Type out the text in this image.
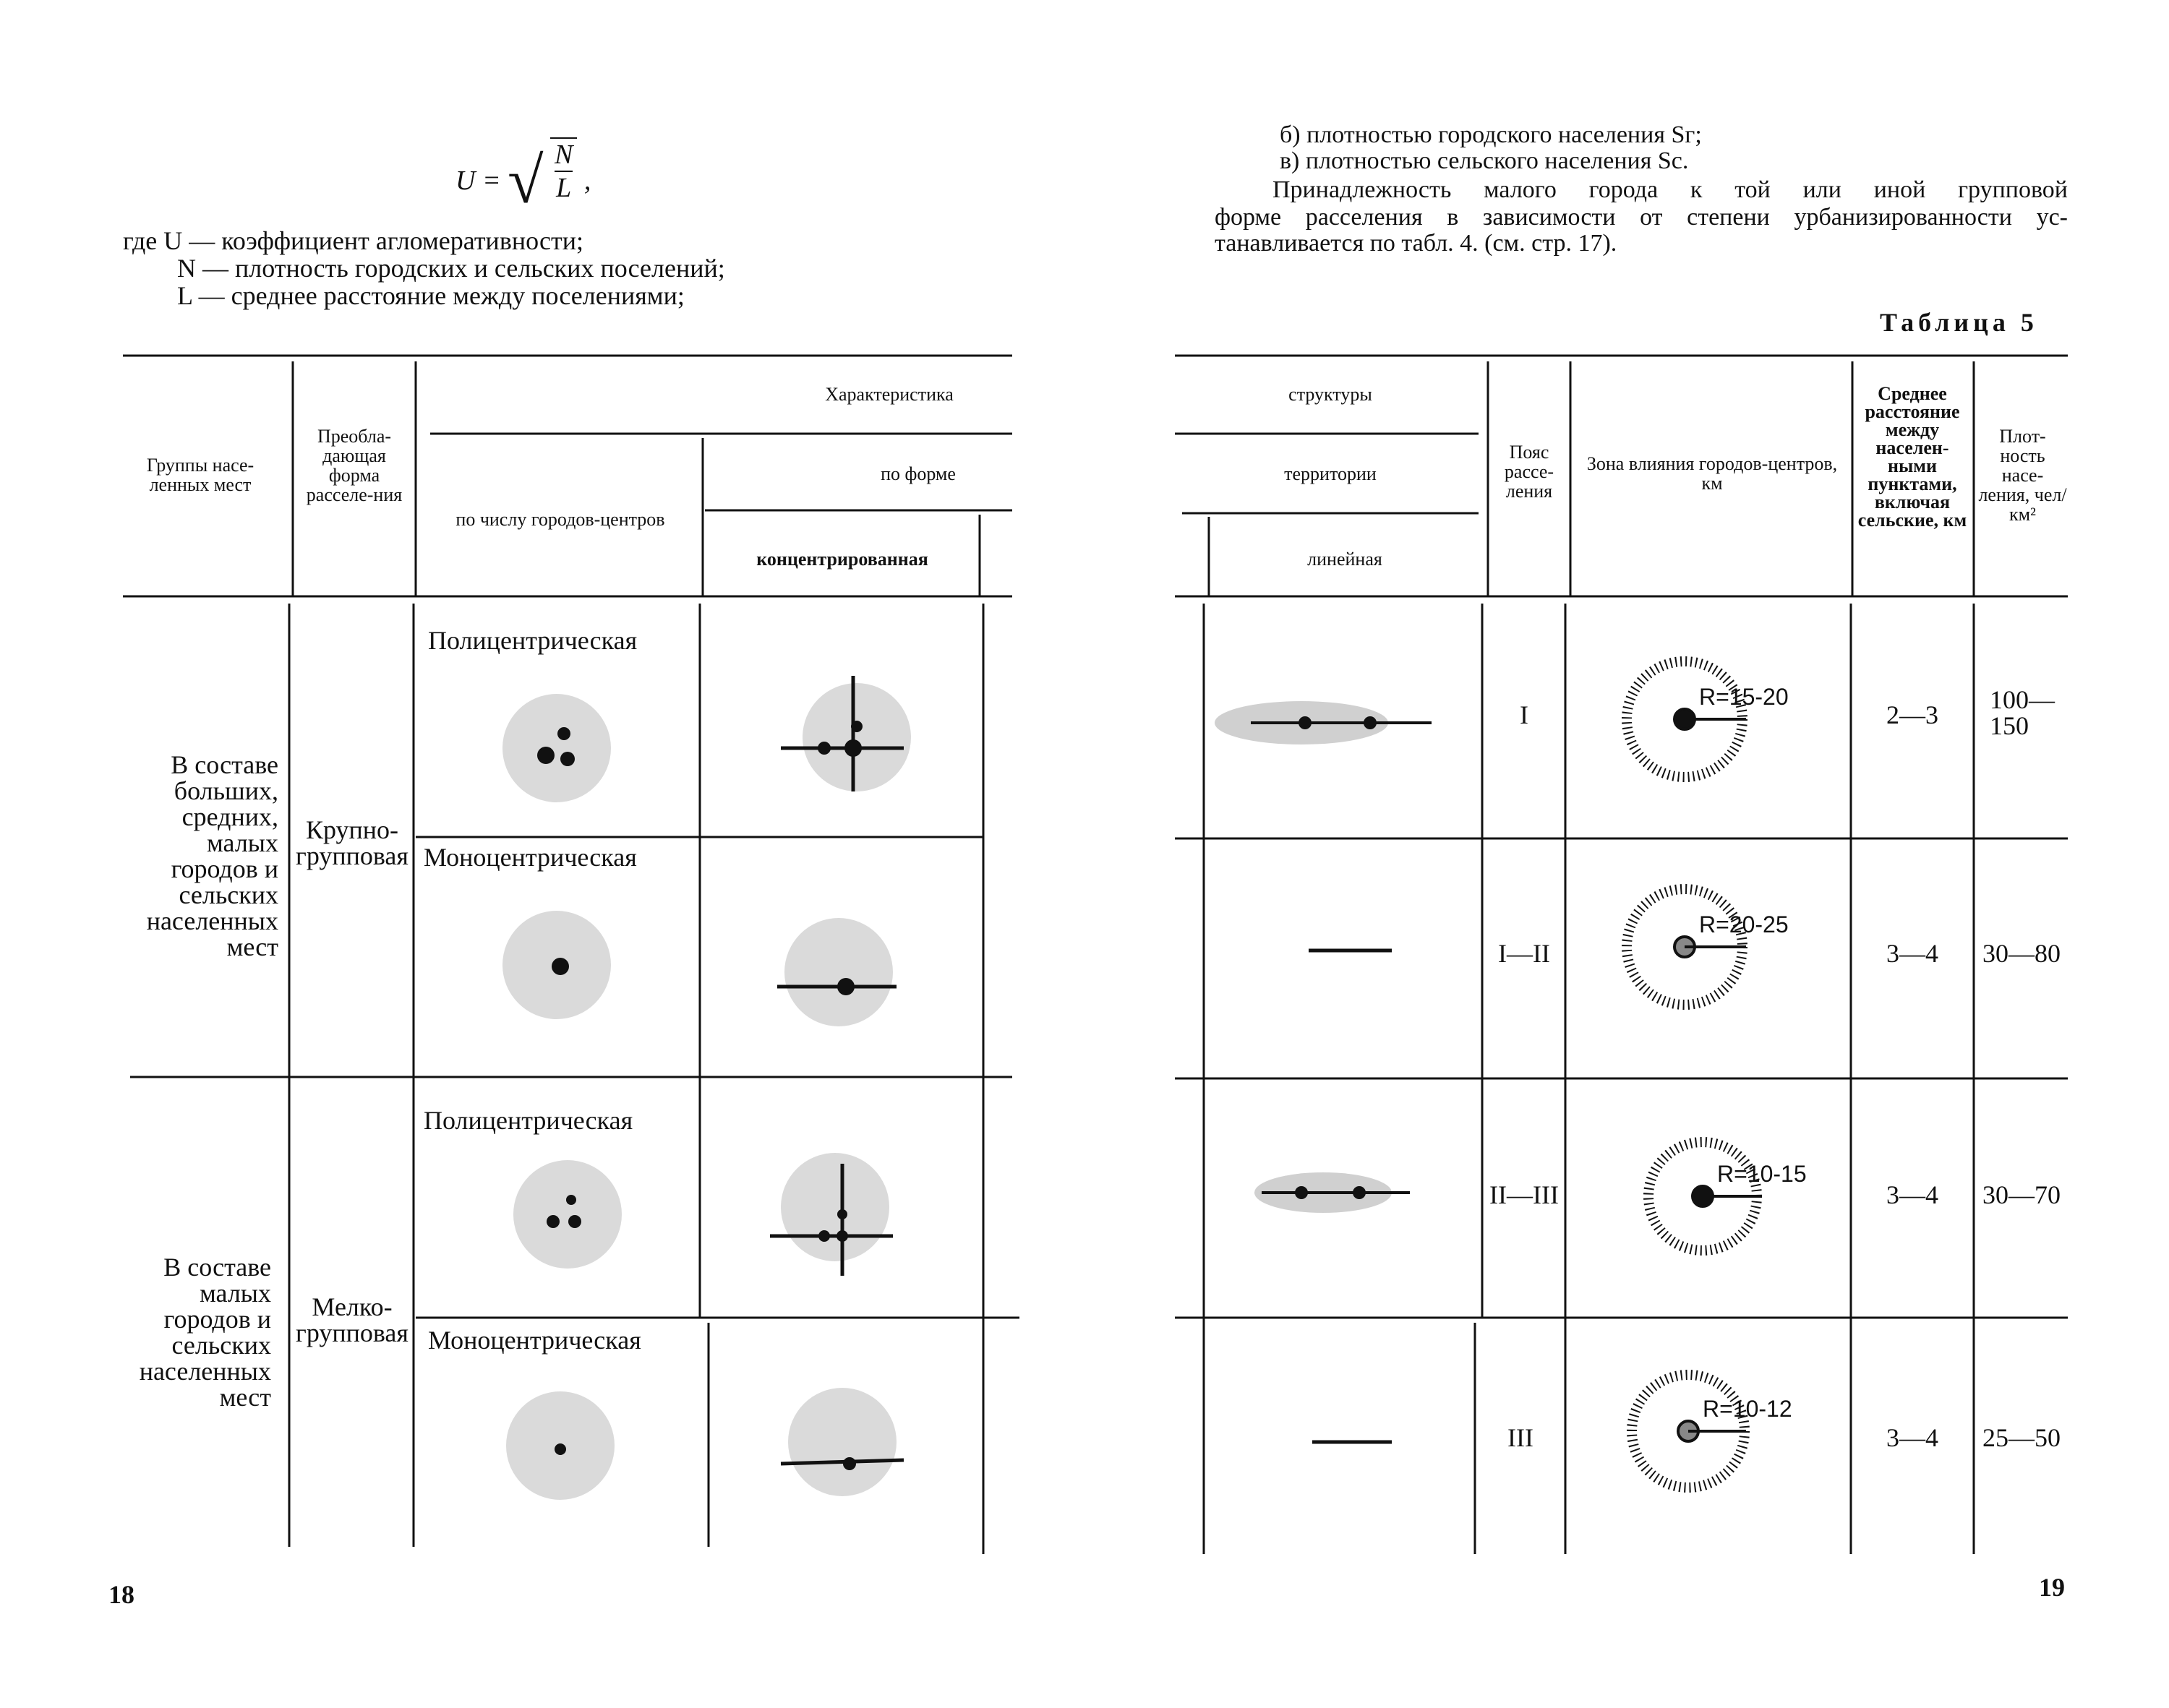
U = √ $\frac{N}{L}$ ,
где U — коэффициент агломеративности;
N — плотность городских и сельских поселений;
L — среднее расстояние между поселениями;
Группы насе-ленных мест
Преобла-дающая форма расселе-ния
Характеристика
по числу городов-центров
по форме
концентрированная
В составе больших, средних, малых городов и сельских населенных мест
Крупно-групповая
Полицентрическая
Моноцентрическая
В составе малых городов и сельских населенных мест
Мелко-групповая
Полицентрическая
Моноцентрическая
18
б) плотностью городского населения Sг;
в) плотностью сельского населения Sс.
Принадлежность малого города к той или иной групповой
форме расселения в зависимости от степени урбанизированности ус-
танавливается по табл. 4. (см. стр. 17).
Таблица 5
R=15-20
R=20-25
R=10-15
R=10-12
структуры
территории
линейная
Пояс рассе-ления
Зона влияния городов-центров, км
Среднее расстояние между населен-ными пунктами, включая сельские, км
Плот-ность насе-ления, чел/км²
I
I—II
II—III
III
2—3
3—4
3—4
3—4
100—150
30—80
30—70
25—50
19
